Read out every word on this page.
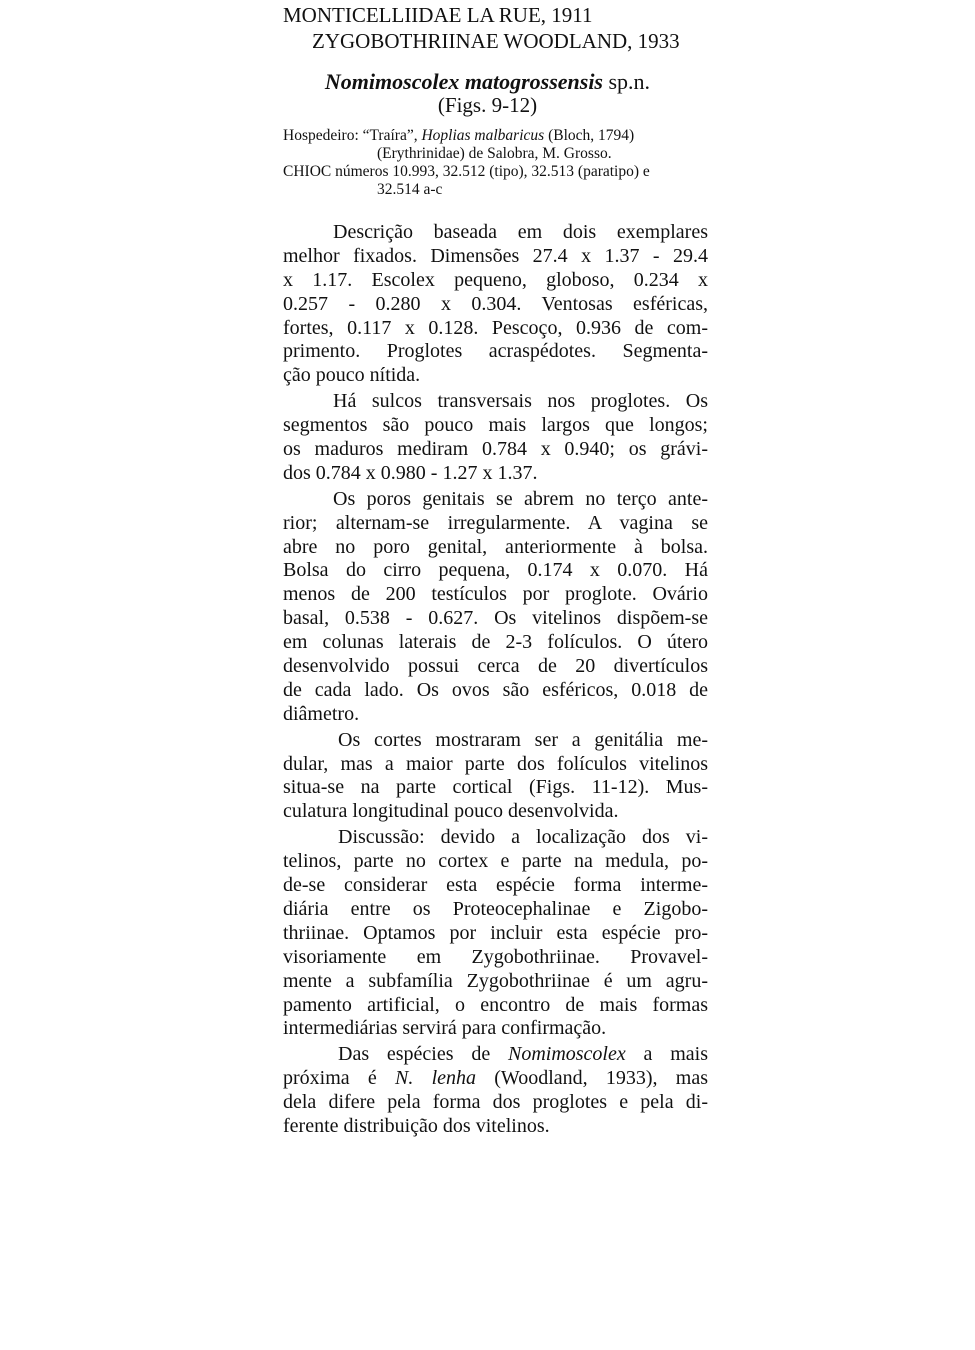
MONTICELLIIDAE LA RUE, 1911
ZYGOBOTHRIINAE WOODLAND, 1933
Nomimoscolex matogrossensis sp.n.
(Figs. 9-12)
Hospedeiro: “Traíra”, Hoplias malbaricus (Bloch, 1794)
(Erythrinidae) de Salobra, M. Grosso.
CHIOC números 10.993, 32.512 (tipo), 32.513 (paratipo) e
32.514 a-c
Descrição baseada em dois exemplares
melhor fixados. Dimensões 27.4 x 1.37 - 29.4
x 1.17. Escolex pequeno, globoso, 0.234 x
0.257 - 0.280 x 0.304. Ventosas esféricas,
fortes, 0.117 x 0.128. Pescoço, 0.936 de com-
primento. Proglotes acraspédotes. Segmenta-
ção pouco nítida.
Há sulcos transversais nos proglotes. Os
segmentos são pouco mais largos que longos;
os maduros mediram 0.784 x 0.940; os grávi-
dos 0.784 x 0.980 - 1.27 x 1.37.
Os poros genitais se abrem no terço ante-
rior; alternam-se irregularmente. A vagina se
abre no poro genital, anteriormente à bolsa.
Bolsa do cirro pequena, 0.174 x 0.070. Há
menos de 200 testículos por proglote. Ovário
basal, 0.538 - 0.627. Os vitelinos dispõem-se
em colunas laterais de 2-3 folículos. O útero
desenvolvido possui cerca de 20 divertículos
de cada lado. Os ovos são esféricos, 0.018 de
diâmetro.
Os cortes mostraram ser a genitália me-
dular, mas a maior parte dos folículos vitelinos
situa-se na parte cortical (Figs. 11-12). Mus-
culatura longitudinal pouco desenvolvida.
Discussão: devido a localização dos vi-
telinos, parte no cortex e parte na medula, po-
de-se considerar esta espécie forma interme-
diária entre os Proteocephalinae e Zigobo-
thriinae. Optamos por incluir esta espécie pro-
visoriamente em Zygobothriinae. Provavel-
mente a subfamília Zygobothriinae é um agru-
pamento artificial, o encontro de mais formas
intermediárias servirá para confirmação.
Das espécies de Nomimoscolex a mais
próxima é N. lenha (Woodland, 1933), mas
dela difere pela forma dos proglotes e pela di-
ferente distribuição dos vitelinos.
